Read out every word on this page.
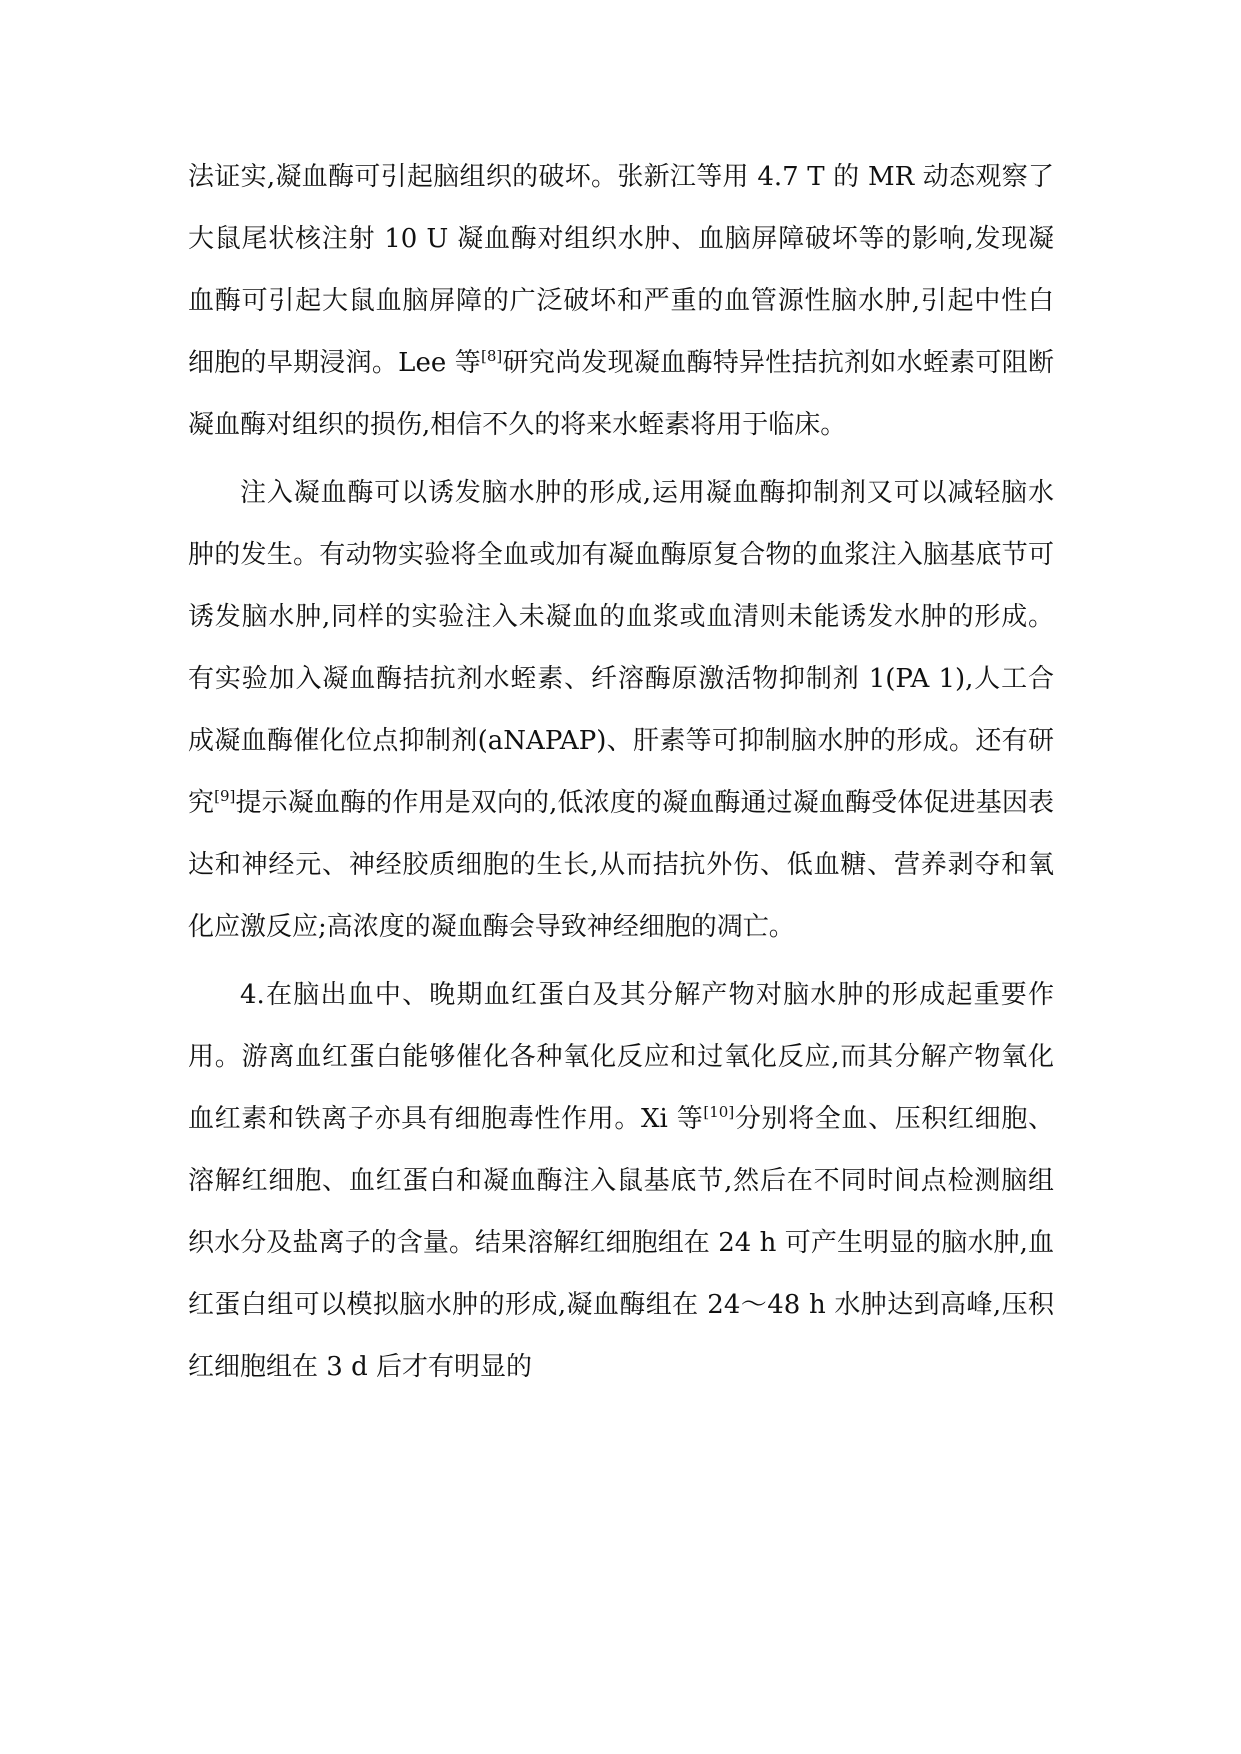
法证实,凝血酶可引起脑组织的破坏。张新江等用 4.7 T 的 MR 动态观察了大鼠尾状核注射 10 U 凝血酶对组织水肿、血脑屏障破坏等的影响,发现凝血酶可引起大鼠血脑屏障的广泛破坏和严重的血管源性脑水肿,引起中性白细胞的早期浸润。Lee 等[8]研究尚发现凝血酶特异性拮抗剂如水蛭素可阻断凝血酶对组织的损伤,相信不久的将来水蛭素将用于临床。

注入凝血酶可以诱发脑水肿的形成,运用凝血酶抑制剂又可以减轻脑水肿的发生。有动物实验将全血或加有凝血酶原复合物的血浆注入脑基底节可诱发脑水肿,同样的实验注入未凝血的血浆或血清则未能诱发水肿的形成。有实验加入凝血酶拮抗剂水蛭素、纤溶酶原激活物抑制剂 1(PA 1),人工合成凝血酶催化位点抑制剂(aNAPAP)、肝素等可抑制脑水肿的形成。还有研究[9]提示凝血酶的作用是双向的,低浓度的凝血酶通过凝血酶受体促进基因表达和神经元、神经胶质细胞的生长,从而拮抗外伤、低血糖、营养剥夺和氧化应激反应;高浓度的凝血酶会导致神经细胞的凋亡。

4.在脑出血中、晚期血红蛋白及其分解产物对脑水肿的形成起重要作用。游离血红蛋白能够催化各种氧化反应和过氧化反应,而其分解产物氧化血红素和铁离子亦具有细胞毒性作用。Xi 等[10]分别将全血、压积红细胞、溶解红细胞、血红蛋白和凝血酶注入鼠基底节,然后在不同时间点检测脑组织水分及盐离子的含量。结果溶解红细胞组在 24 h 可产生明显的脑水肿,血红蛋白组可以模拟脑水肿的形成,凝血酶组在 24～48 h 水肿达到高峰,压积红细胞组在 3 d 后才有明显的
